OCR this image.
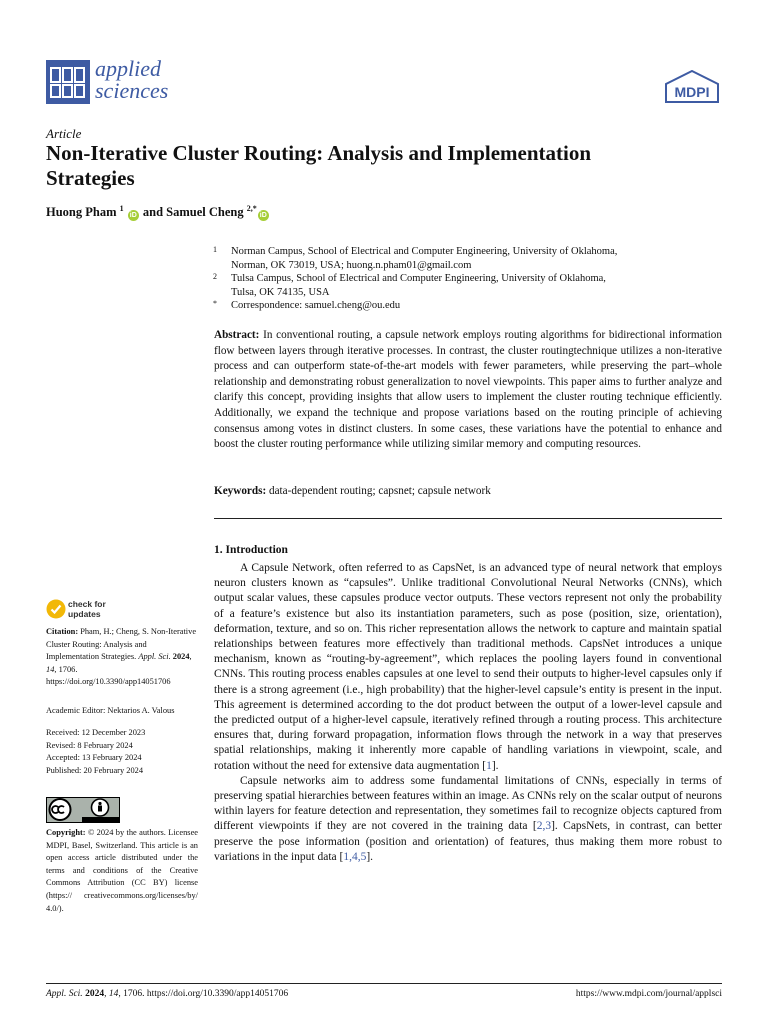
applied
sciences	MDPI
Article
Non-Iterative Cluster Routing: Analysis and Implementation Strategies
Huong Pham $^1$ iD and Samuel Cheng $^{2,*}$iD
1 Norman Campus, School of Electrical and Computer Engineering, University of Oklahoma,
Norman, OK 73019, USA; huong.n.pham01@gmail.com
2 Tulsa Campus, School of Electrical and Computer Engineering, University of Oklahoma,
Tulsa, OK 74135, USA
* Correspondence: samuel.cheng@ou.edu
Abstract: In conventional routing, a capsule network employs routing algorithms for bidirectional information flow between layers through iterative processes. In contrast, the cluster routingtechnique utilizes a non-iterative process and can outperform state-of-the-art models with fewer parameters, while preserving the part–whole relationship and demonstrating robust generalization to novel viewpoints. This paper aims to further analyze and clarify this concept, providing insights that allow users to implement the cluster routing technique efficiently. Additionally, we expand the technique and propose variations based on the routing principle of achieving consensus among votes in distinct clusters. In some cases, these variations have the potential to enhance and boost the cluster routing performance while utilizing similar memory and computing resources.
Keywords: data-dependent routing; capsnet; capsule network
1. Introduction

A Capsule Network, often referred to as CapsNet, is an advanced type of neural network that employs neuron clusters known as “capsules”. Unlike traditional Convolutional Neural Networks (CNNs), which output scalar values, these capsules produce vector outputs. These vectors represent not only the probability of a feature’s existence but also its instantiation parameters, such as pose (position, size, orientation), deformation, texture, and so on. This richer representation allows the network to capture and maintain spatial relationships between features more effectively than traditional methods. CapsNet introduces a unique mechanism, known as “routing-by-agreement”, which replaces the pooling layers found in conventional CNNs. This routing process enables capsules at one level to send their outputs to higher-level capsules only if there is a strong agreement (i.e., high probability) that the higher-level capsule’s entity is present in the input. This agreement is determined according to the dot product between the output of a lower-level capsule and the predicted output of a higher-level capsule, iteratively refined through a routing process. This architecture ensures that, during forward propagation, information flows through the network in a way that preserves spatial relationships, making it inherently more capable of handling variations in viewpoint, scale, and rotation without the need for extensive data augmentation [1].

Capsule networks aim to address some fundamental limitations of CNNs, especially in terms of preserving spatial hierarchies between features within an image. As CNNs rely on the scalar output of neurons within layers for feature detection and representation, they sometimes fail to recognize objects captured from different viewpoints if they are not covered in the training data [2,3]. CapsNets, in contrast, can better preserve the pose information (position and orientation) of features, thus making them more robust to variations in the input data [1,4,5].

check for
updates
Citation: Pham, H.; Cheng, S. Non-Iterative Cluster Routing: Analysis and Implementation Strategies. Appl. Sci. 2024, 14, 1706. https://doi.org/10.3390/app14051706
Academic Editor: Nektarios A. Valous
Received: 12 December 2023
Revised: 8 February 2024
Accepted: 13 February 2024
Published: 20 February 2024
Copyright: © 2024 by the authors. Licensee MDPI, Basel, Switzerland. This article is an open access article distributed under the terms and conditions of the Creative Commons Attribution (CC BY) license (https:// creativecommons.org/licenses/by/ 4.0/).
Appl. Sci. 2024, 14, 1706. https://doi.org/10.3390/app14051706	https://www.mdpi.com/journal/applsci
